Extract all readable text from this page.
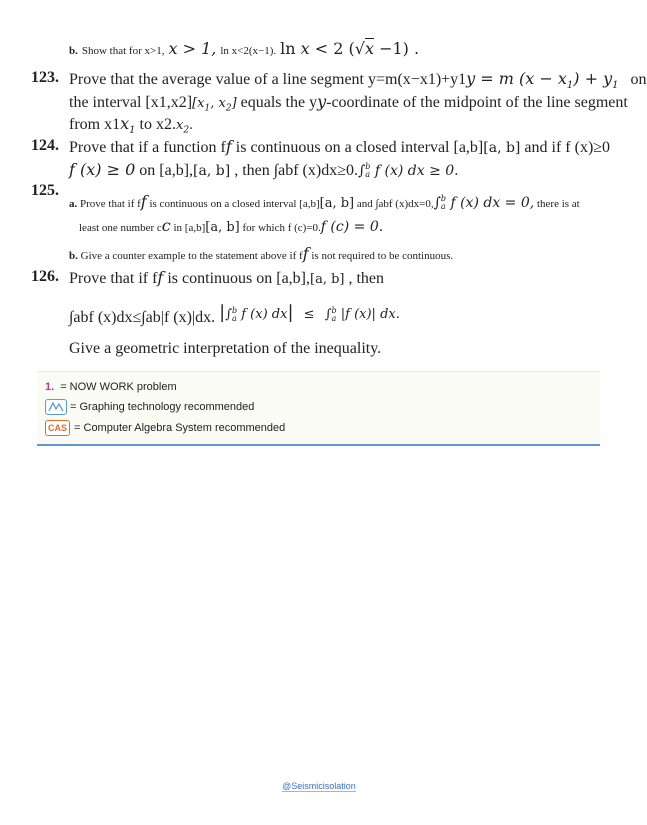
b. Show that for x>1, x > 1, ln x<2(x−1). ln x < 2 (√x −1) .
123. Prove that the average value of a line segment y=m(x−x1)+y1y = m $(x - x_1) + y_1$ on
the interval $[x1,x2][x_1$, $x_2$] equals the yy-coordinate of the midpoint of the line segment
from $x1x_1$ to $x2.x_2$.
124. Prove that if a function ff is continuous on a closed interval [a,b][a, b] and if f (x)≥0
f (x) ≥ 0 on [a,b],[a, b] , then ∫abf (x)dx≥0.∫ b
a f (x) dx ≥ 0.
125.
a. Prove that if ff is continuous on a closed interval [a,b][a, b] and ∫abf (x)dx=0,∫ b
a f (x) dx = 0, there is at
least one number cc in [a,b][a, b] for which f (c)=0.f (c) = 0.
b. Give a counter example to the statement above if ff is not required to be continuous.
126. Prove that if ff is continuous on [a,b],[a, b] , then
∫abf (x)dx≤∫ab|f (x)|dx. $^{|\int b a f (x) dx| \le \int b a |f (x)| dx.}$
Give a geometric interpretation of the inequality.
1. = NOW WORK problem
= Graphing technology recommended
CAS = Computer Algebra System recommended
@Seismicisolation
